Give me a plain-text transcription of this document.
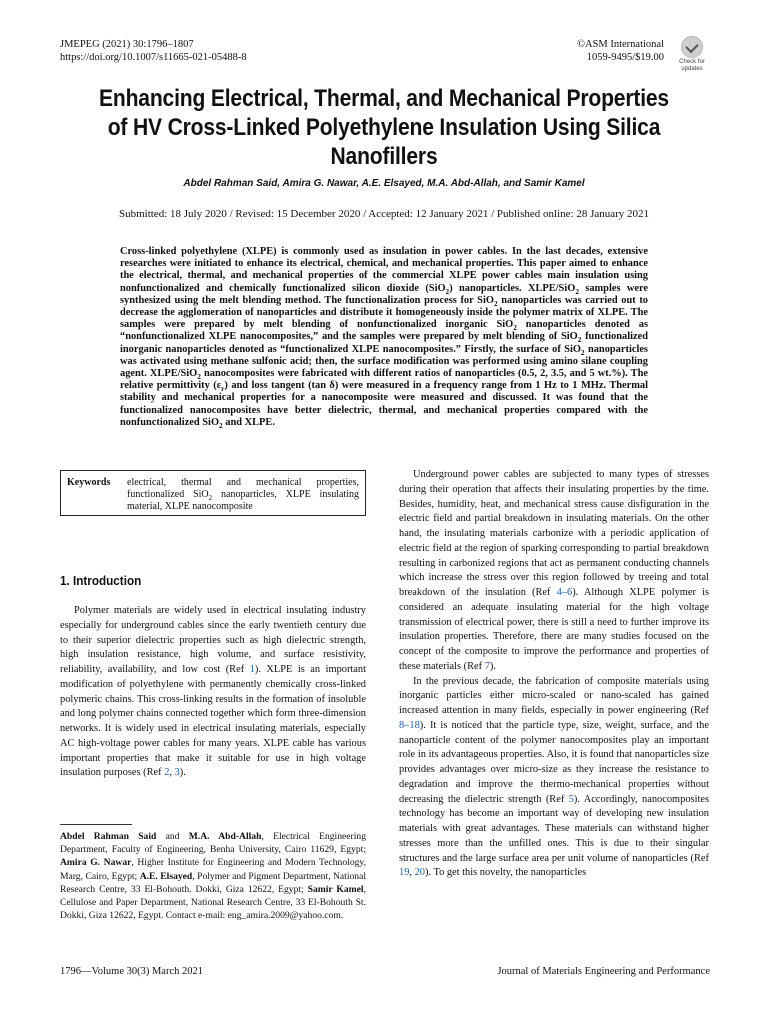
JMEPEG (2021) 30:1796–1807
https://doi.org/10.1007/s11665-021-05488-8
©ASM International
1059-9495/$19.00	Check for
updates
Enhancing Electrical, Thermal, and Mechanical Properties of HV Cross-Linked Polyethylene Insulation Using Silica Nanofillers
Abdel Rahman Said, Amira G. Nawar, A.E. Elsayed, M.A. Abd-Allah, and Samir Kamel
Submitted: 18 July 2020 / Revised: 15 December 2020 / Accepted: 12 January 2021 / Published online: 28 January 2021
Cross-linked polyethylene (XLPE) is commonly used as insulation in power cables. In the last decades, extensive researches were initiated to enhance its electrical, chemical, and mechanical properties. This paper aimed to enhance the electrical, thermal, and mechanical properties of the commercial XLPE power cables main insulation using nonfunctionalized and chemically functionalized silicon dioxide (SiO$_2$) nanoparticles. XLPE/SiO$_2$ samples were synthesized using the melt blending method. The functionalization process for SiO$_2$ nanoparticles was carried out to decrease the agglomeration of nanoparticles and distribute it homogeneously inside the polymer matrix of XLPE. The samples were prepared by melt blending of nonfunctionalized inorganic SiO$_2$ nanoparticles denoted as “nonfunctionalized XLPE nanocomposites,” and the samples were prepared by melt blending of SiO$_2$ functionalized inorganic nanoparticles denoted as “functionalized XLPE nanocomposites.” Firstly, the surface of SiO$_2$ nanoparticles was activated using methane sulfonic acid; then, the surface modification was performed using amino silane coupling agent. XLPE/SiO$_2$ nanocomposites were fabricated with different ratios of nanoparticles (0.5, 2, 3.5, and 5 wt.%). The relative permittivity $(\varepsilon_r)$ and loss tangent (tan δ) were measured in a frequency range from 1 Hz to 1 MHz. Thermal stability and mechanical properties for a nanocomposite were measured and discussed. It was found that the functionalized nanocomposites have better dielectric, thermal, and mechanical properties compared with the nonfunctionalized SiO$_2$ and XLPE.
Keywords	electrical, thermal and mechanical properties, functionalized SiO$_2$ nanoparticles, XLPE insulating material, XLPE nanocomposite
1. Introduction

Polymer materials are widely used in electrical insulating industry especially for underground cables since the early twentieth century due to their superior dielectric properties such as high dielectric strength, high insulation resistance, high volume, and surface resistivity, reliability, availability, and low cost (Ref 1). XLPE is an important modification of polyethylene with permanently chemically cross-linked polymeric chains. This cross-linking results in the formation of insoluble and long polymer chains connected together which form three-dimension networks. It is widely used in electrical insulating materials, especially AC high-voltage power cables for many years. XLPE cable has various important properties that make it suitable for use in high voltage insulation purposes (Ref 2, 3).

Abdel Rahman Said and M.A. Abd-Allah, Electrical Engineering Department, Faculty of Engineering, Benha University, Cairo 11629, Egypt; Amira G. Nawar, Higher Institute for Engineering and Modern Technology, Marg, Cairo, Egypt; A.E. Elsayed, Polymer and Pigment Department, National Research Centre, 33 El-Bohouth. Dokki, Giza 12622, Egypt; Samir Kamel, Cellulose and Paper Department, National Research Centre, 33 El-Bohouth St. Dokki, Giza 12622, Egypt. Contact e-mail: eng_amira.2009@yahoo.com.

Underground power cables are subjected to many types of stresses during their operation that affects their insulating properties by the time. Besides, humidity, heat, and mechanical stress cause disfiguration in the electric field and partial breakdown in insulating materials. On the other hand, the insulating materials carbonize with a periodic application of electric field at the region of sparking corresponding to partial breakdown resulting in carbonized regions that act as permanent conducting channels which increase the stress over this region followed by treeing and total breakdown of the insulation (Ref 4–6). Although XLPE polymer is considered an adequate insulating material for the high voltage transmission of electrical power, there is still a need to further improve its insulation properties. Therefore, there are many studies focused on the concept of the composite to improve the performance and properties of these materials (Ref 7).

In the previous decade, the fabrication of composite materials using inorganic particles either micro-scaled or nano-scaled has gained increased attention in many fields, especially in power engineering (Ref 8–18). It is noticed that the particle type, size, weight, surface, and the nanoparticle content of the polymer nanocomposites play an important role in its advantageous properties. Also, it is found that nanoparticles size provides advantages over micro-size as they increase the resistance to degradation and improve the thermo-mechanical properties without decreasing the dielectric strength (Ref 5). Accordingly, nanocomposites technology has become an important way of developing new insulation materials with great advantages. These materials can withstand higher stresses more than the unfilled ones. This is due to their singular structures and the large surface area per unit volume of nanoparticles (Ref 19, 20). To get this novelty, the nanoparticles

1796—Volume 30(3) March 2021	Journal of Materials Engineering and Performance
